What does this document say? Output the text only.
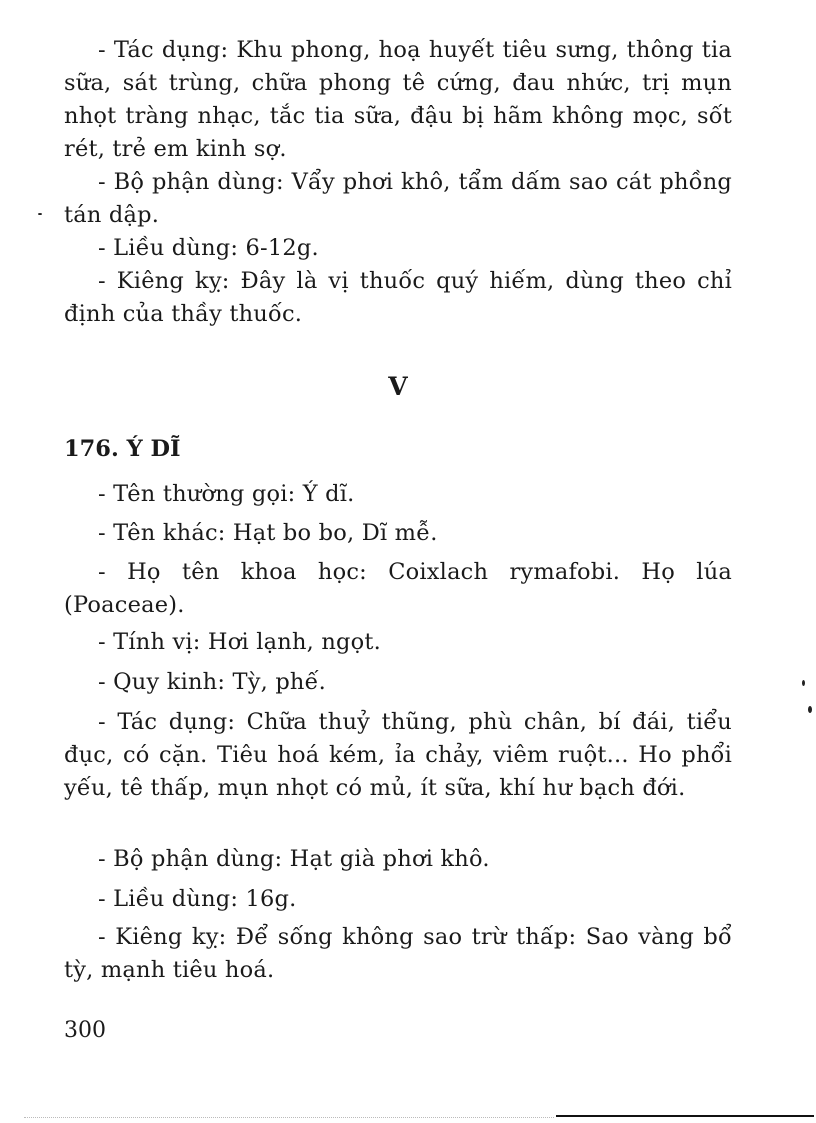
- Tác dụng: Khu phong, hoạ huyết tiêu sưng, thông tia sữa, sát trùng, chữa phong tê cứng, đau nhức, trị mụn nhọt tràng nhạc, tắc tia sữa, đậu bị hãm không mọc, sốt rét, trẻ em kinh sợ.

- Bộ phận dùng: Vẩy phơi khô, tẩm dấm sao cát phồng tán dập.

- Liều dùng: 6-12g.

- Kiêng kỵ: Đây là vị thuốc quý hiếm, dùng theo chỉ định của thầy thuốc.

V
176. Ý DĨ

- Tên thường gọi: Ý dĩ.

- Tên khác: Hạt bo bo, Dĩ mễ.

- Họ tên khoa học: Coixlach rymafobi. Họ lúa (Poaceae).

- Tính vị: Hơi lạnh, ngọt.

- Quy kinh: Tỳ, phế.

- Tác dụng: Chữa thuỷ thũng, phù chân, bí đái, tiểu đục, có cặn. Tiêu hoá kém, ỉa chảy, viêm ruột... Ho phổi yếu, tê thấp, mụn nhọt có mủ, ít sữa, khí hư bạch đới.

- Bộ phận dùng: Hạt già phơi khô.

- Liều dùng: 16g.

- Kiêng kỵ: Để sống không sao trừ thấp: Sao vàng bổ tỳ, mạnh tiêu hoá.

300
